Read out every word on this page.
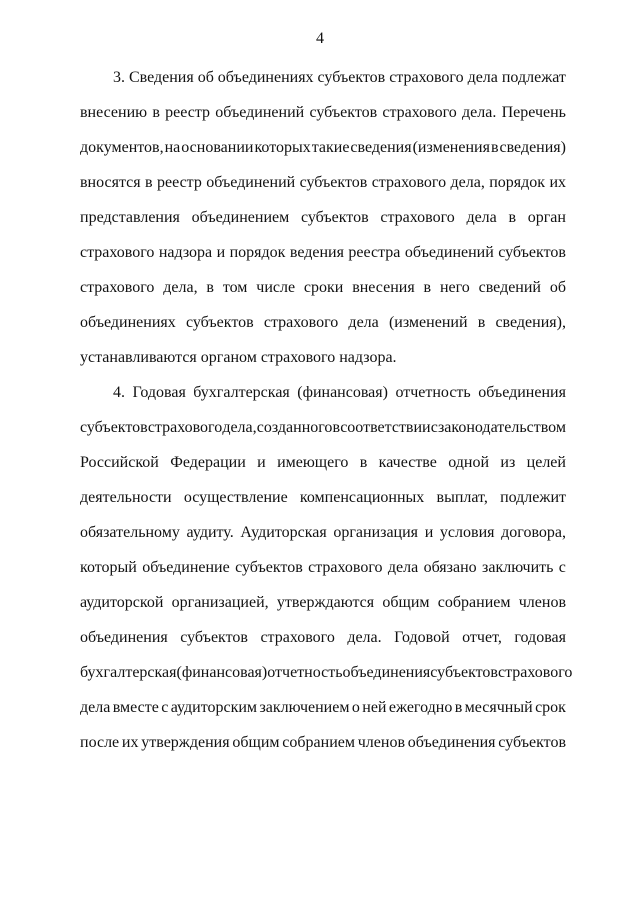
4
3. Сведения об объединениях субъектов страхового дела подлежат
внесению в реестр объединений субъектов страхового дела. Перечень
документов, на основании которых такие сведения (изменения в сведения)
вносятся в реестр объединений субъектов страхового дела, порядок их
представления объединением субъектов страхового дела в орган
страхового надзора и порядок ведения реестра объединений субъектов
страхового дела, в том числе сроки внесения в него сведений об
объединениях субъектов страхового дела (изменений в сведения),
устанавливаются органом страхового надзора.
4. Годовая бухгалтерская (финансовая) отчетность объединения
субъектов страхового дела, созданного в соответствии с законодательством
Российской Федерации и имеющего в качестве одной из целей
деятельности осуществление компенсационных выплат, подлежит
обязательному аудиту. Аудиторская организация и условия договора,
который объединение субъектов страхового дела обязано заключить с
аудиторской организацией, утверждаются общим собранием членов
объединения субъектов страхового дела. Годовой отчет, годовая
бухгалтерская (финансовая) отчетность объединения субъектов страхового
дела вместе с аудиторским заключением о ней ежегодно в месячный срок
после их утверждения общим собранием членов объединения субъектов
